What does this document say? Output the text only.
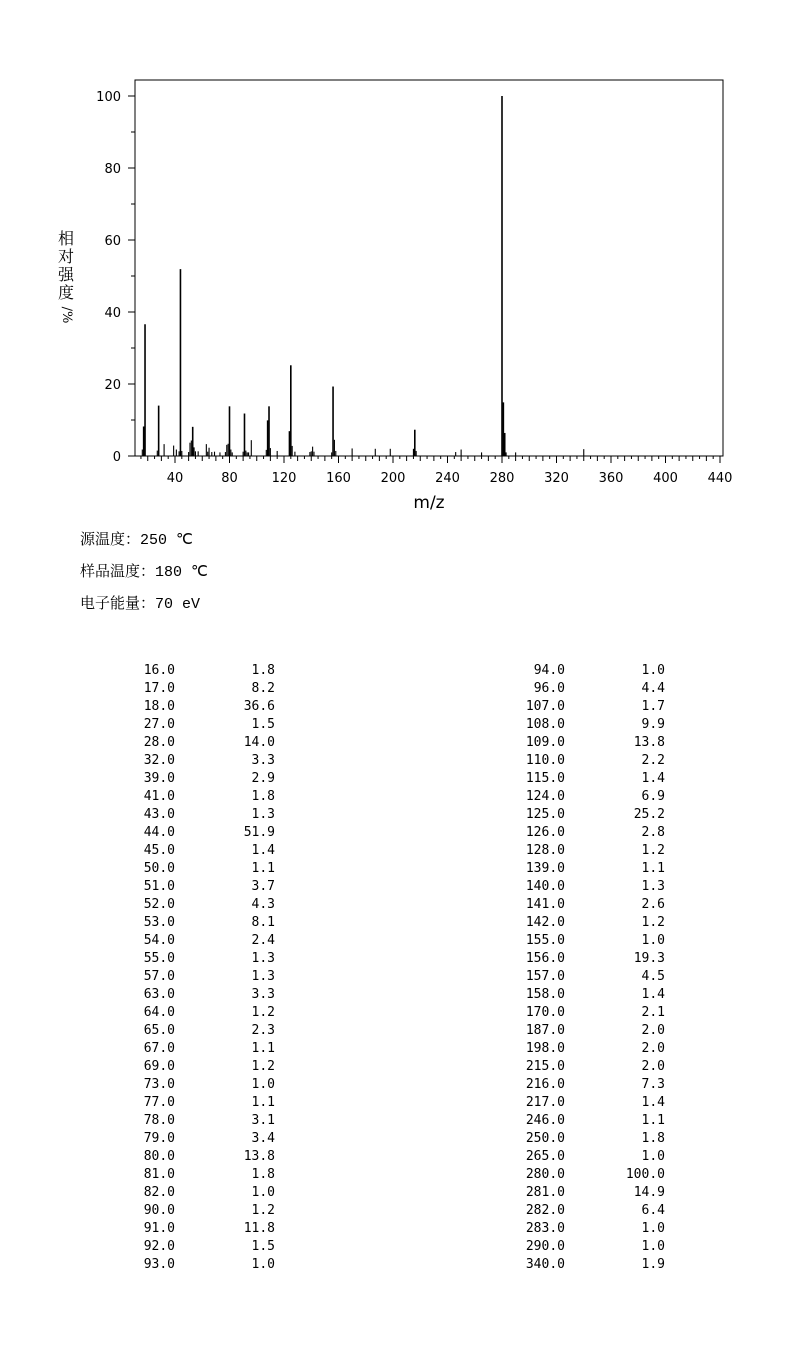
40	80	120 160 200 240 280 320 360 400 440
0
20
40
60
80
100
m/z
相
对
强
度
/%
源温度：250 ℃
样品温度：180 ℃
电子能量：70 eV
16.0	1.8
17.0	8.2
18.0	36.6
27.0	1.5
28.0	14.0
32.0	3.3
39.0	2.9
41.0	1.8
43.0	1.3
44.0	51.9
45.0	1.4
50.0	1.1
51.0	3.7
52.0	4.3
53.0	8.1
54.0	2.4
55.0	1.3
57.0	1.3
63.0	3.3
64.0	1.2
65.0	2.3
67.0	1.1
69.0	1.2
73.0	1.0
77.0	1.1
78.0	3.1
79.0	3.4
80.0	13.8
81.0	1.8
82.0	1.0
90.0	1.2
91.0	11.8
92.0	1.5
93.0	1.0
94.0	1.0
96.0	4.4
107.0	1.7
108.0	9.9
109.0	13.8
110.0	2.2
115.0	1.4
124.0	6.9
125.0	25.2
126.0	2.8
128.0	1.2
139.0	1.1
140.0	1.3
141.0	2.6
142.0	1.2
155.0	1.0
156.0	19.3
157.0	4.5
158.0	1.4
170.0	2.1
187.0	2.0
198.0	2.0
215.0	2.0
216.0	7.3
217.0	1.4
246.0	1.1
250.0	1.8
265.0	1.0
280.0	100.0
281.0	14.9
282.0	6.4
283.0	1.0
290.0	1.0
340.0	1.9
